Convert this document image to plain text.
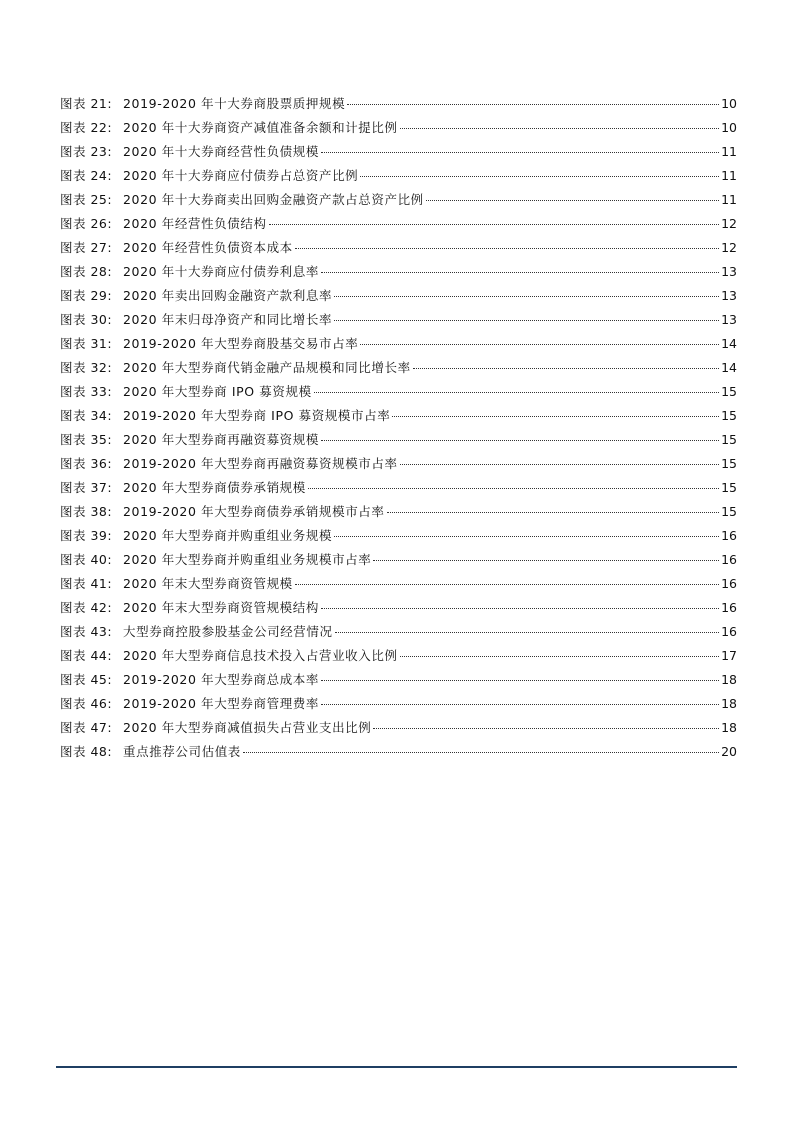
图表 21: 2019-2020 年十大券商股票质押规模	10
图表 22: 2020 年十大券商资产减值准备余额和计提比例	10
图表 23: 2020 年十大券商经营性负债规模	11
图表 24: 2020 年十大券商应付债券占总资产比例	11
图表 25: 2020 年十大券商卖出回购金融资产款占总资产比例	11
图表 26: 2020 年经营性负债结构	12
图表 27: 2020 年经营性负债资本成本	12
图表 28: 2020 年十大券商应付债券利息率	13
图表 29: 2020 年卖出回购金融资产款利息率	13
图表 30: 2020 年末归母净资产和同比增长率	13
图表 31: 2019-2020 年大型券商股基交易市占率	14
图表 32: 2020 年大型券商代销金融产品规模和同比增长率	14
图表 33: 2020 年大型券商 IPO 募资规模	15
图表 34: 2019-2020 年大型券商 IPO 募资规模市占率	15
图表 35: 2020 年大型券商再融资募资规模	15
图表 36: 2019-2020 年大型券商再融资募资规模市占率	15
图表 37: 2020 年大型券商债券承销规模	15
图表 38: 2019-2020 年大型券商债券承销规模市占率	15
图表 39: 2020 年大型券商并购重组业务规模	16
图表 40: 2020 年大型券商并购重组业务规模市占率	16
图表 41: 2020 年末大型券商资管规模	16
图表 42: 2020 年末大型券商资管规模结构	16
图表 43: 大型券商控股参股基金公司经营情况	16
图表 44: 2020 年大型券商信息技术投入占营业收入比例	17
图表 45: 2019-2020 年大型券商总成本率	18
图表 46: 2019-2020 年大型券商管理费率	18
图表 47: 2020 年大型券商减值损失占营业支出比例	18
图表 48: 重点推荐公司估值表	20
